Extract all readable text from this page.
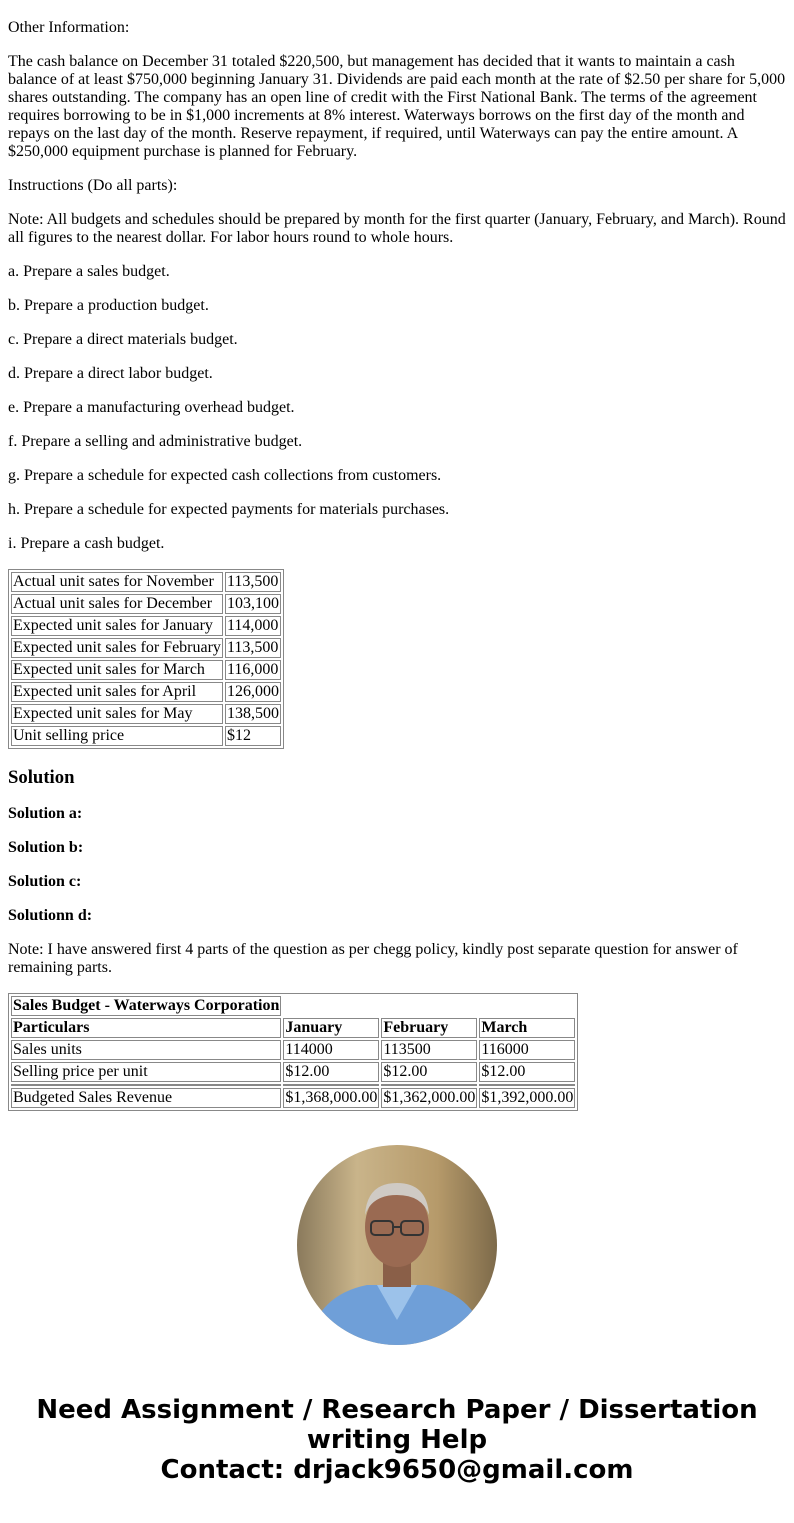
Other Information:

The cash balance on December 31 totaled $220,500, but management has decided that it wants to maintain a cash balance of at least $750,000 beginning January 31. Dividends are paid each month at the rate of $2.50 per share for 5,000 shares outstanding. The company has an open line of credit with the First National Bank. The terms of the agreement requires borrowing to be in $1,000 increments at 8% interest. Waterways borrows on the first day of the month and repays on the last day of the month. Reserve repayment, if required, until Waterways can pay the entire amount. A $250,000 equipment purchase is planned for February.

Instructions (Do all parts):

Note: All budgets and schedules should be prepared by month for the first quarter (January, February, and March). Round all figures to the nearest dollar. For labor hours round to whole hours.

a. Prepare a sales budget.

b. Prepare a production budget.

c. Prepare a direct materials budget.

d. Prepare a direct labor budget.

e. Prepare a manufacturing overhead budget.

f. Prepare a selling and administrative budget.

g. Prepare a schedule for expected cash collections from customers.

h. Prepare a schedule for expected payments for materials purchases.

i. Prepare a cash budget.

Actual unit sates for November	113,500
Actual unit sales for December	103,100
Expected unit sales for January	114,000
Expected unit sales for February	113,500
Expected unit sales for March	116,000
Expected unit sales for April	126,000
Expected unit sales for May	138,500
Unit selling price	$12
Solution
Solution a:
Solution b:
Solution c:
Solutionn d:

Note: I have answered first 4 parts of the question as per chegg policy, kindly post separate question for answer of remaining parts.

Sales Budget - Waterways Corporation			
Particulars	January	February	March
Sales units	114000	113500	116000
Selling price per unit	$12.00	$12.00	$12.00

Budgeted Sales Revenue	$1,368,000.00	$1,362,000.00	$1,392,000.00
Need Assignment / Research Paper / Dissertation writing Help
Contact: drjack9650@gmail.com
